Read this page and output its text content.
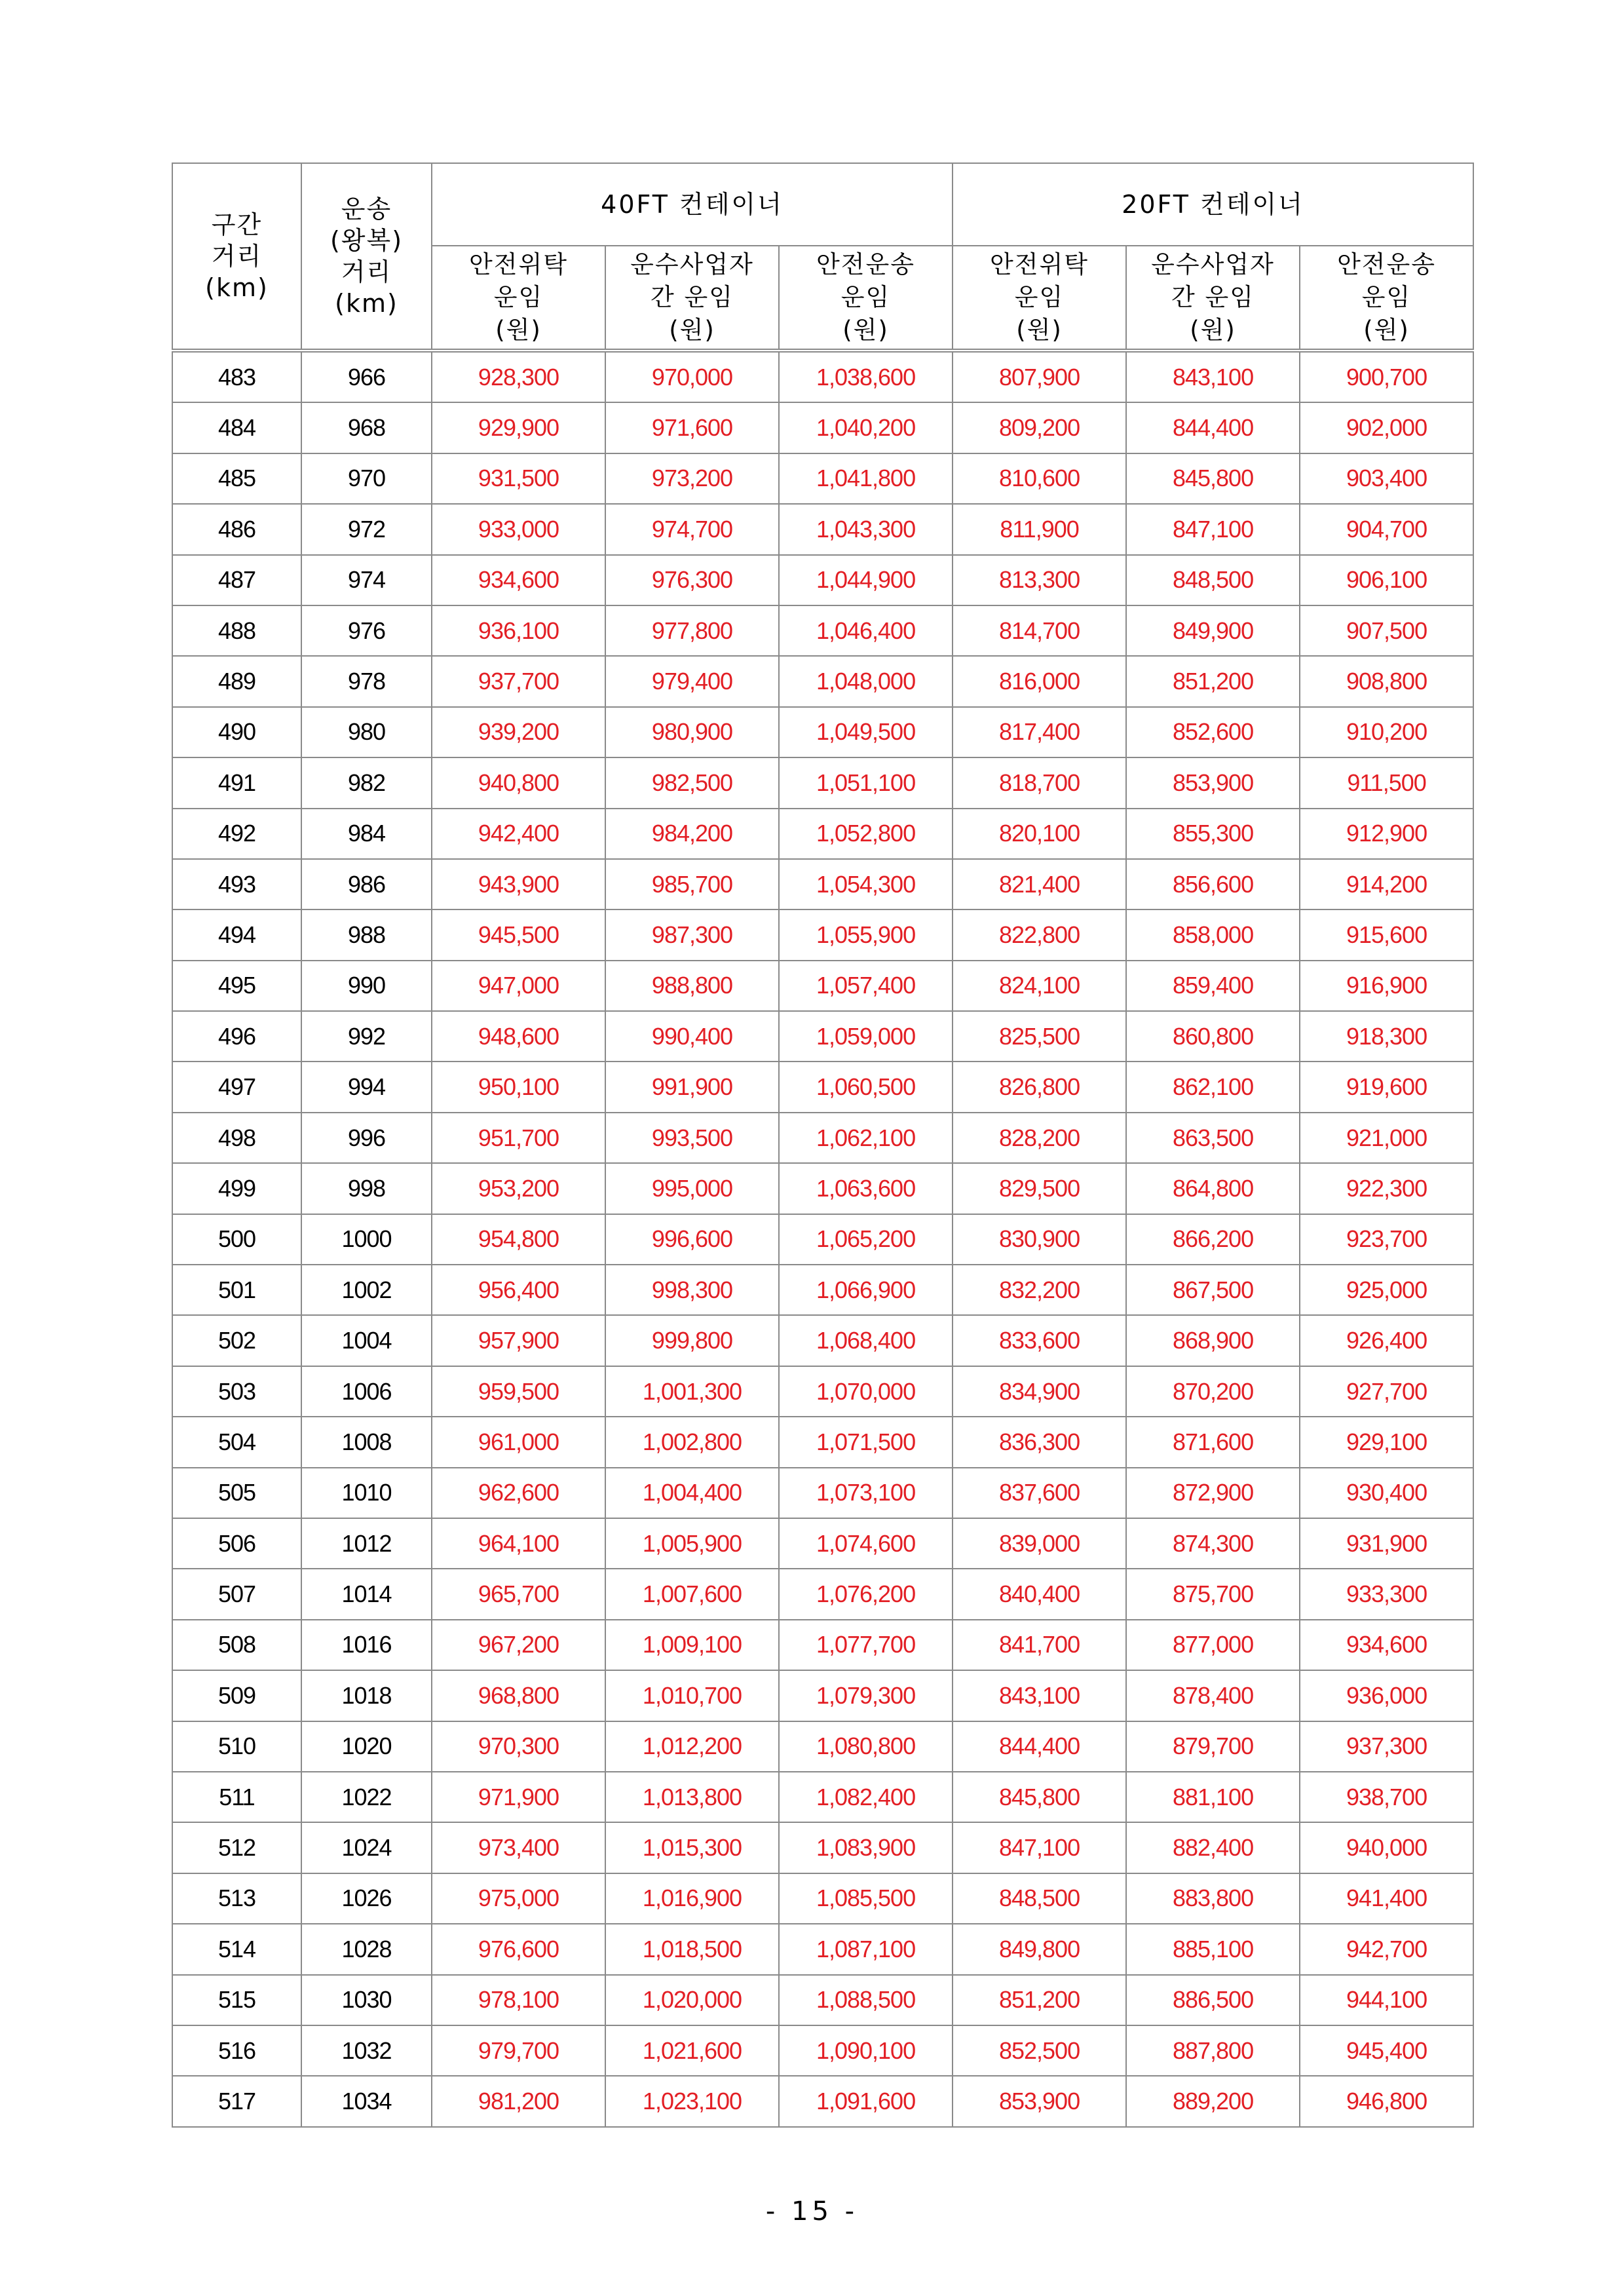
구간
거리
(km)	운송
(왕복)
거리
(km)	40FT 컨테이너			20FT 컨테이너		

		안전위탁
운임
(원)	운수사업자
간 운임
(원)	안전운송
운임
(원)	안전위탁
운임
(원)	운수사업자
간 운임
(원)	안전운송
운임
(원)

483	966	928,300	970,000	1,038,600	807,900	843,100	900,700
484	968	929,900	971,600	1,040,200	809,200	844,400	902,000
485	970	931,500	973,200	1,041,800	810,600	845,800	903,400
486	972	933,000	974,700	1,043,300	811,900	847,100	904,700
487	974	934,600	976,300	1,044,900	813,300	848,500	906,100
488	976	936,100	977,800	1,046,400	814,700	849,900	907,500
489	978	937,700	979,400	1,048,000	816,000	851,200	908,800
490	980	939,200	980,900	1,049,500	817,400	852,600	910,200
491	982	940,800	982,500	1,051,100	818,700	853,900	911,500
492	984	942,400	984,200	1,052,800	820,100	855,300	912,900
493	986	943,900	985,700	1,054,300	821,400	856,600	914,200
494	988	945,500	987,300	1,055,900	822,800	858,000	915,600
495	990	947,000	988,800	1,057,400	824,100	859,400	916,900
496	992	948,600	990,400	1,059,000	825,500	860,800	918,300
497	994	950,100	991,900	1,060,500	826,800	862,100	919,600
498	996	951,700	993,500	1,062,100	828,200	863,500	921,000
499	998	953,200	995,000	1,063,600	829,500	864,800	922,300
500	1000	954,800	996,600	1,065,200	830,900	866,200	923,700
501	1002	956,400	998,300	1,066,900	832,200	867,500	925,000
502	1004	957,900	999,800	1,068,400	833,600	868,900	926,400
503	1006	959,500	1,001,300	1,070,000	834,900	870,200	927,700
504	1008	961,000	1,002,800	1,071,500	836,300	871,600	929,100
505	1010	962,600	1,004,400	1,073,100	837,600	872,900	930,400
506	1012	964,100	1,005,900	1,074,600	839,000	874,300	931,900
507	1014	965,700	1,007,600	1,076,200	840,400	875,700	933,300
508	1016	967,200	1,009,100	1,077,700	841,700	877,000	934,600
509	1018	968,800	1,010,700	1,079,300	843,100	878,400	936,000
510	1020	970,300	1,012,200	1,080,800	844,400	879,700	937,300
511	1022	971,900	1,013,800	1,082,400	845,800	881,100	938,700
512	1024	973,400	1,015,300	1,083,900	847,100	882,400	940,000
513	1026	975,000	1,016,900	1,085,500	848,500	883,800	941,400
514	1028	976,600	1,018,500	1,087,100	849,800	885,100	942,700
515	1030	978,100	1,020,000	1,088,500	851,200	886,500	944,100
516	1032	979,700	1,021,600	1,090,100	852,500	887,800	945,400
517	1034	981,200	1,023,100	1,091,600	853,900	889,200	946,800
- 15 -
